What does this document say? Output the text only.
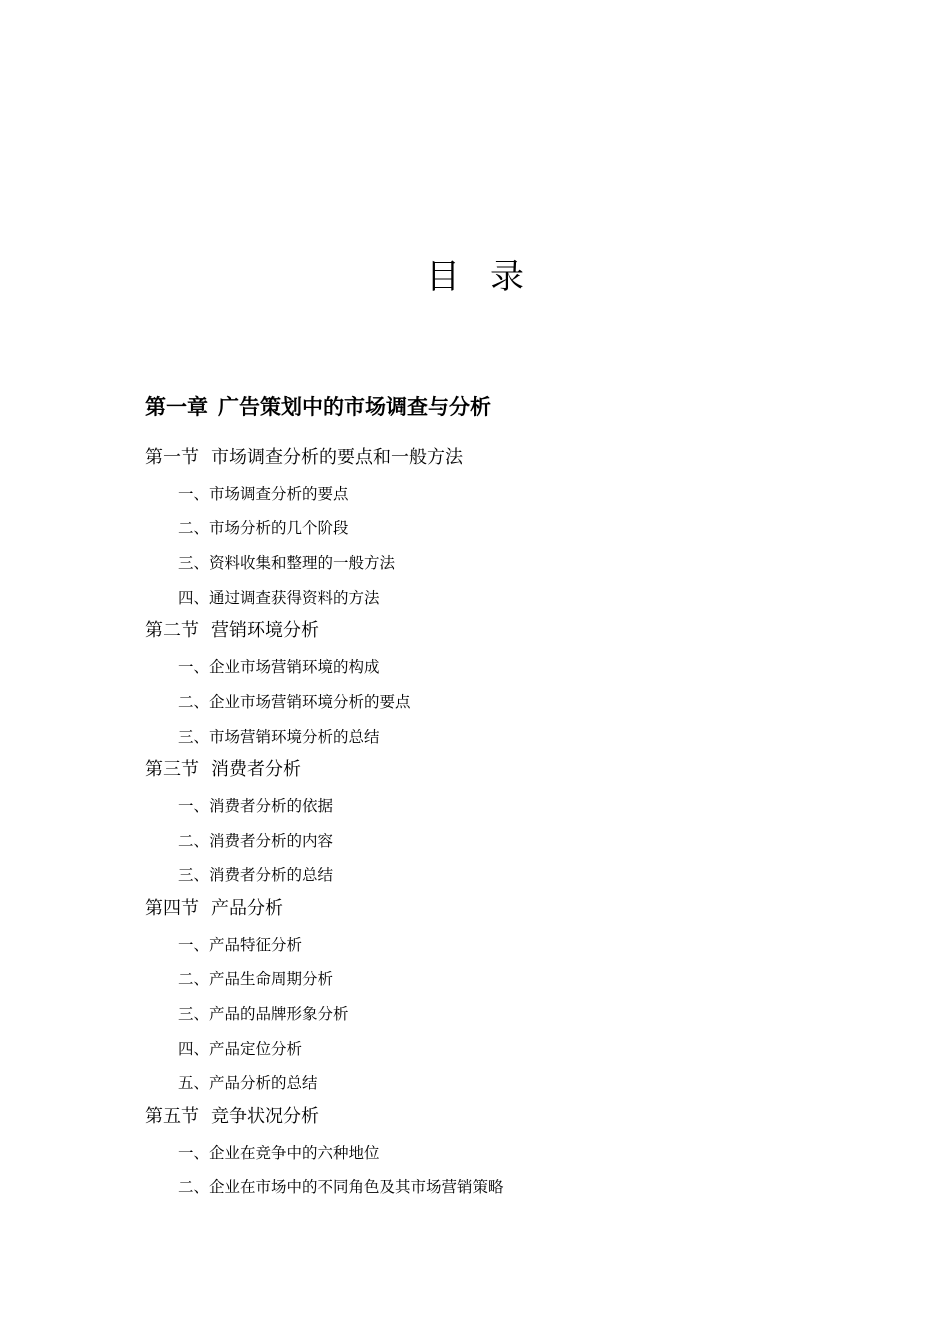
目录
第一章 广告策划中的市场调查与分析
第一节 市场调查分析的要点和一般方法
一、市场调查分析的要点
二、市场分析的几个阶段
三、资料收集和整理的一般方法
四、通过调查获得资料的方法
第二节 营销环境分析
一、企业市场营销环境的构成
二、企业市场营销环境分析的要点
三、市场营销环境分析的总结
第三节 消费者分析
一、消费者分析的依据
二、消费者分析的内容
三、消费者分析的总结
第四节 产品分析
一、产品特征分析
二、产品生命周期分析
三、产品的品牌形象分析
四、产品定位分析
五、产品分析的总结
第五节 竞争状况分析
一、企业在竞争中的六种地位
二、企业在市场中的不同角色及其市场营销策略
